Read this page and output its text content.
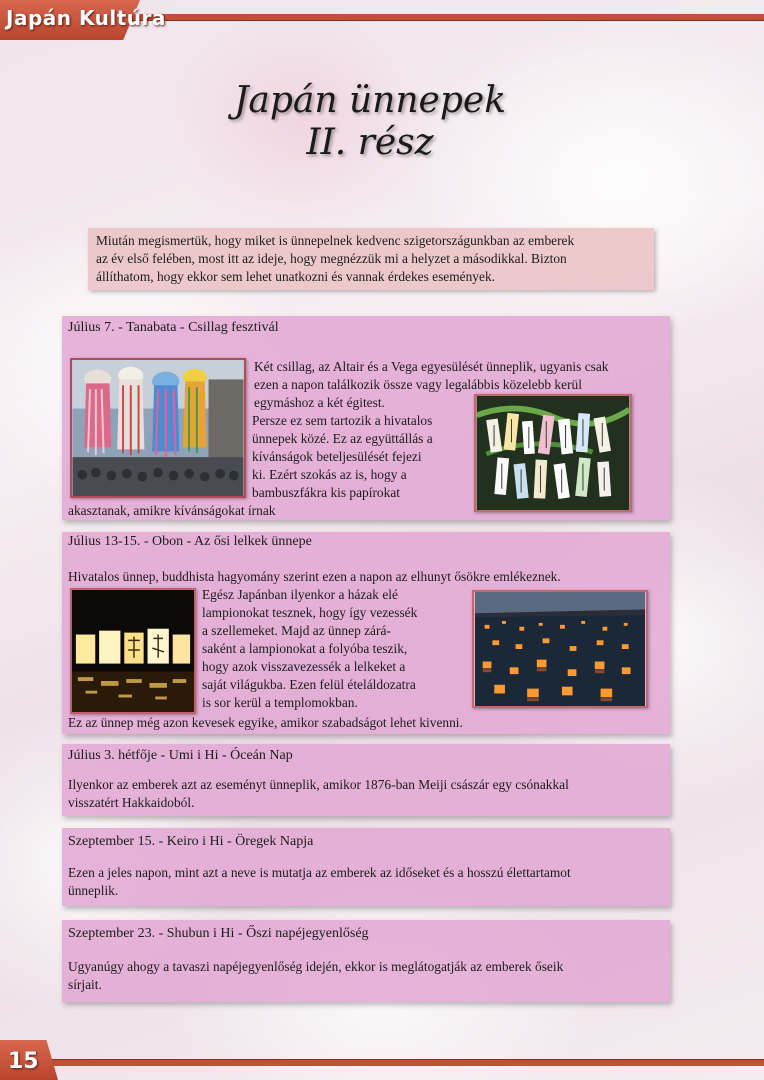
Japán Kultúra
Japán ünnepek
II. rész
Miután megismertük, hogy miket is ünnepelnek kedvenc szigetországunkban az emberek
az év első felében, most itt az ideje, hogy megnézzük mi a helyzet a másodikkal. Bizton
állíthatom, hogy ekkor sem lehet unatkozni és vannak érdekes események.
Július 7. - Tanabata - Csillag fesztivál
Két csillag, az Altair és a Vega egyesülését ünneplik, ugyanis csak
ezen a napon találkozik össze vagy legalábbis közelebb kerül
egymáshoz a két égitest.
Persze ez sem tartozik a hivatalos
ünnepek közé. Ez az együttállás a
kívánságok beteljesülését fejezi
ki. Ezért szokás az is, hogy a
bambuszfákra kis papírokat
akasztanak, amikre kívánságokat írnak
Július 13-15. - Obon - Az ősi lelkek ünnepe
Hivatalos ünnep, buddhista hagyomány szerint ezen a napon az elhunyt ősökre emlékeznek.
Egész Japánban ilyenkor a házak elé
lampionokat tesznek, hogy így vezessék
a szellemeket. Majd az ünnep zárá-
saként a lampionokat a folyóba teszik,
hogy azok visszavezessék a lelkeket a
saját világukba. Ezen felül ételáldozatra
is sor kerül a templomokban.
Ez az ünnep még azon kevesek egyike, amikor szabadságot lehet kivenni.
Július 3. hétfője - Umi i Hi - Óceán Nap
Ilyenkor az emberek azt az eseményt ünneplik, amikor 1876-ban Meiji császár egy csónakkal
visszatért Hakkaidoból.
Szeptember 15. - Keiro i Hi - Öregek Napja
Ezen a jeles napon, mint azt a neve is mutatja az emberek az időseket és a hosszú élettartamot
ünneplik.
Szeptember 23. - Shubun i Hi - Őszi napéjegyenlőség
Ugyanúgy ahogy a tavaszi napéjegyenlőség idején, ekkor is meglátogatják az emberek őseik
sírjait.
15
